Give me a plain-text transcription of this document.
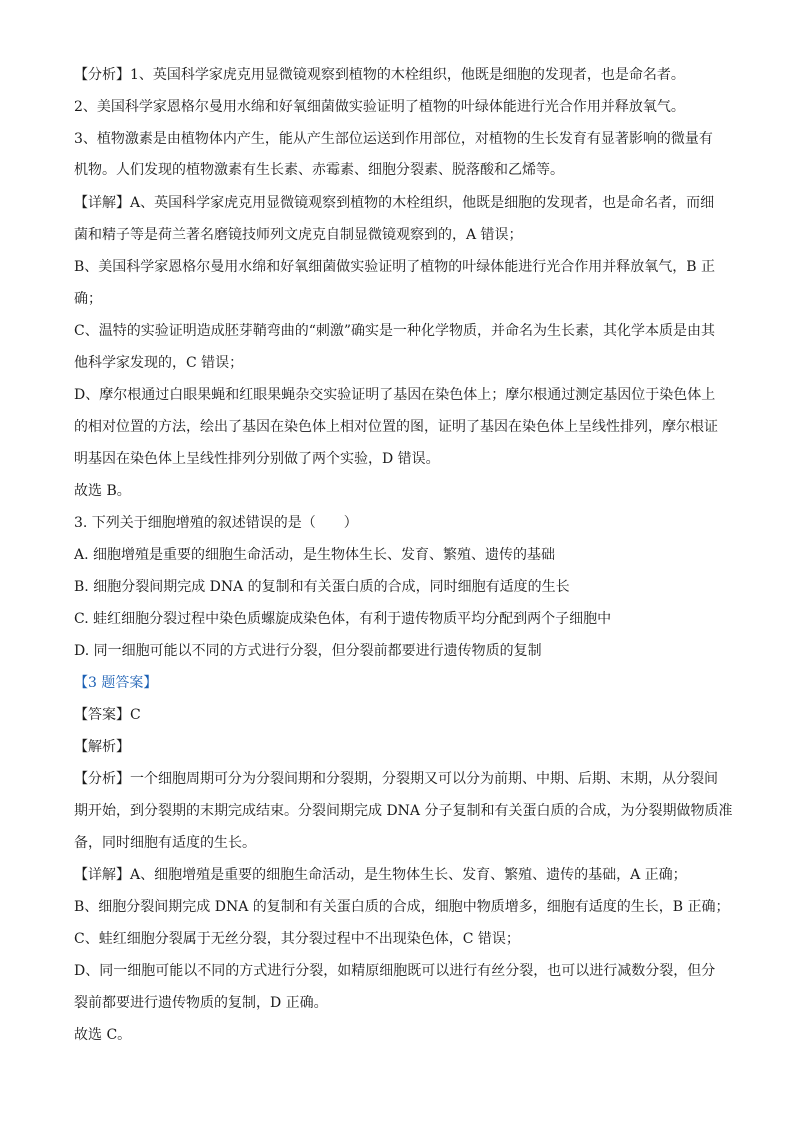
【分析】1、英国科学家虎克用显微镜观察到植物的木栓组织，他既是细胞的发现者，也是命名者。
2、美国科学家恩格尔曼用水绵和好氧细菌做实验证明了植物的叶绿体能进行光合作用并释放氧气。
3、植物激素是由植物体内产生，能从产生部位运送到作用部位，对植物的生长发育有显著影响的微量有
机物。人们发现的植物激素有生长素、赤霉素、细胞分裂素、脱落酸和乙烯等。
【详解】A、英国科学家虎克用显微镜观察到植物的木栓组织，他既是细胞的发现者，也是命名者，而细
菌和精子等是荷兰著名磨镜技师列文虎克自制显微镜观察到的，A 错误；
B、美国科学家恩格尔曼用水绵和好氧细菌做实验证明了植物的叶绿体能进行光合作用并释放氧气，B 正
确；
C、温特的实验证明造成胚芽鞘弯曲的“刺激”确实是一种化学物质，并命名为生长素，其化学本质是由其
他科学家发现的，C 错误；
D、摩尔根通过白眼果蝇和红眼果蝇杂交实验证明了基因在染色体上；摩尔根通过测定基因位于染色体上
的相对位置的方法，绘出了基因在染色体上相对位置的图，证明了基因在染色体上呈线性排列，摩尔根证
明基因在染色体上呈线性排列分别做了两个实验，D 错误。
故选 B。
3. 下列关于细胞增殖的叙述错误的是（　　）
A. 细胞增殖是重要的细胞生命活动，是生物体生长、发育、繁殖、遗传的基础
B. 细胞分裂间期完成 DNA 的复制和有关蛋白质的合成，同时细胞有适度的生长
C. 蛙红细胞分裂过程中染色质螺旋成染色体，有利于遗传物质平均分配到两个子细胞中
D. 同一细胞可能以不同的方式进行分裂，但分裂前都要进行遗传物质的复制
【3 题答案】
【答案】C
【解析】
【分析】一个细胞周期可分为分裂间期和分裂期，分裂期又可以分为前期、中期、后期、末期，从分裂间
期开始，到分裂期的末期完成结束。分裂间期完成 DNA 分子复制和有关蛋白质的合成，为分裂期做物质准
备，同时细胞有适度的生长。
【详解】A、细胞增殖是重要的细胞生命活动，是生物体生长、发育、繁殖、遗传的基础，A 正确；
B、细胞分裂间期完成 DNA 的复制和有关蛋白质的合成，细胞中物质增多，细胞有适度的生长，B 正确；
C、蛙红细胞分裂属于无丝分裂，其分裂过程中不出现染色体，C 错误；
D、同一细胞可能以不同的方式进行分裂，如精原细胞既可以进行有丝分裂，也可以进行减数分裂，但分
裂前都要进行遗传物质的复制，D 正确。
故选 C。
